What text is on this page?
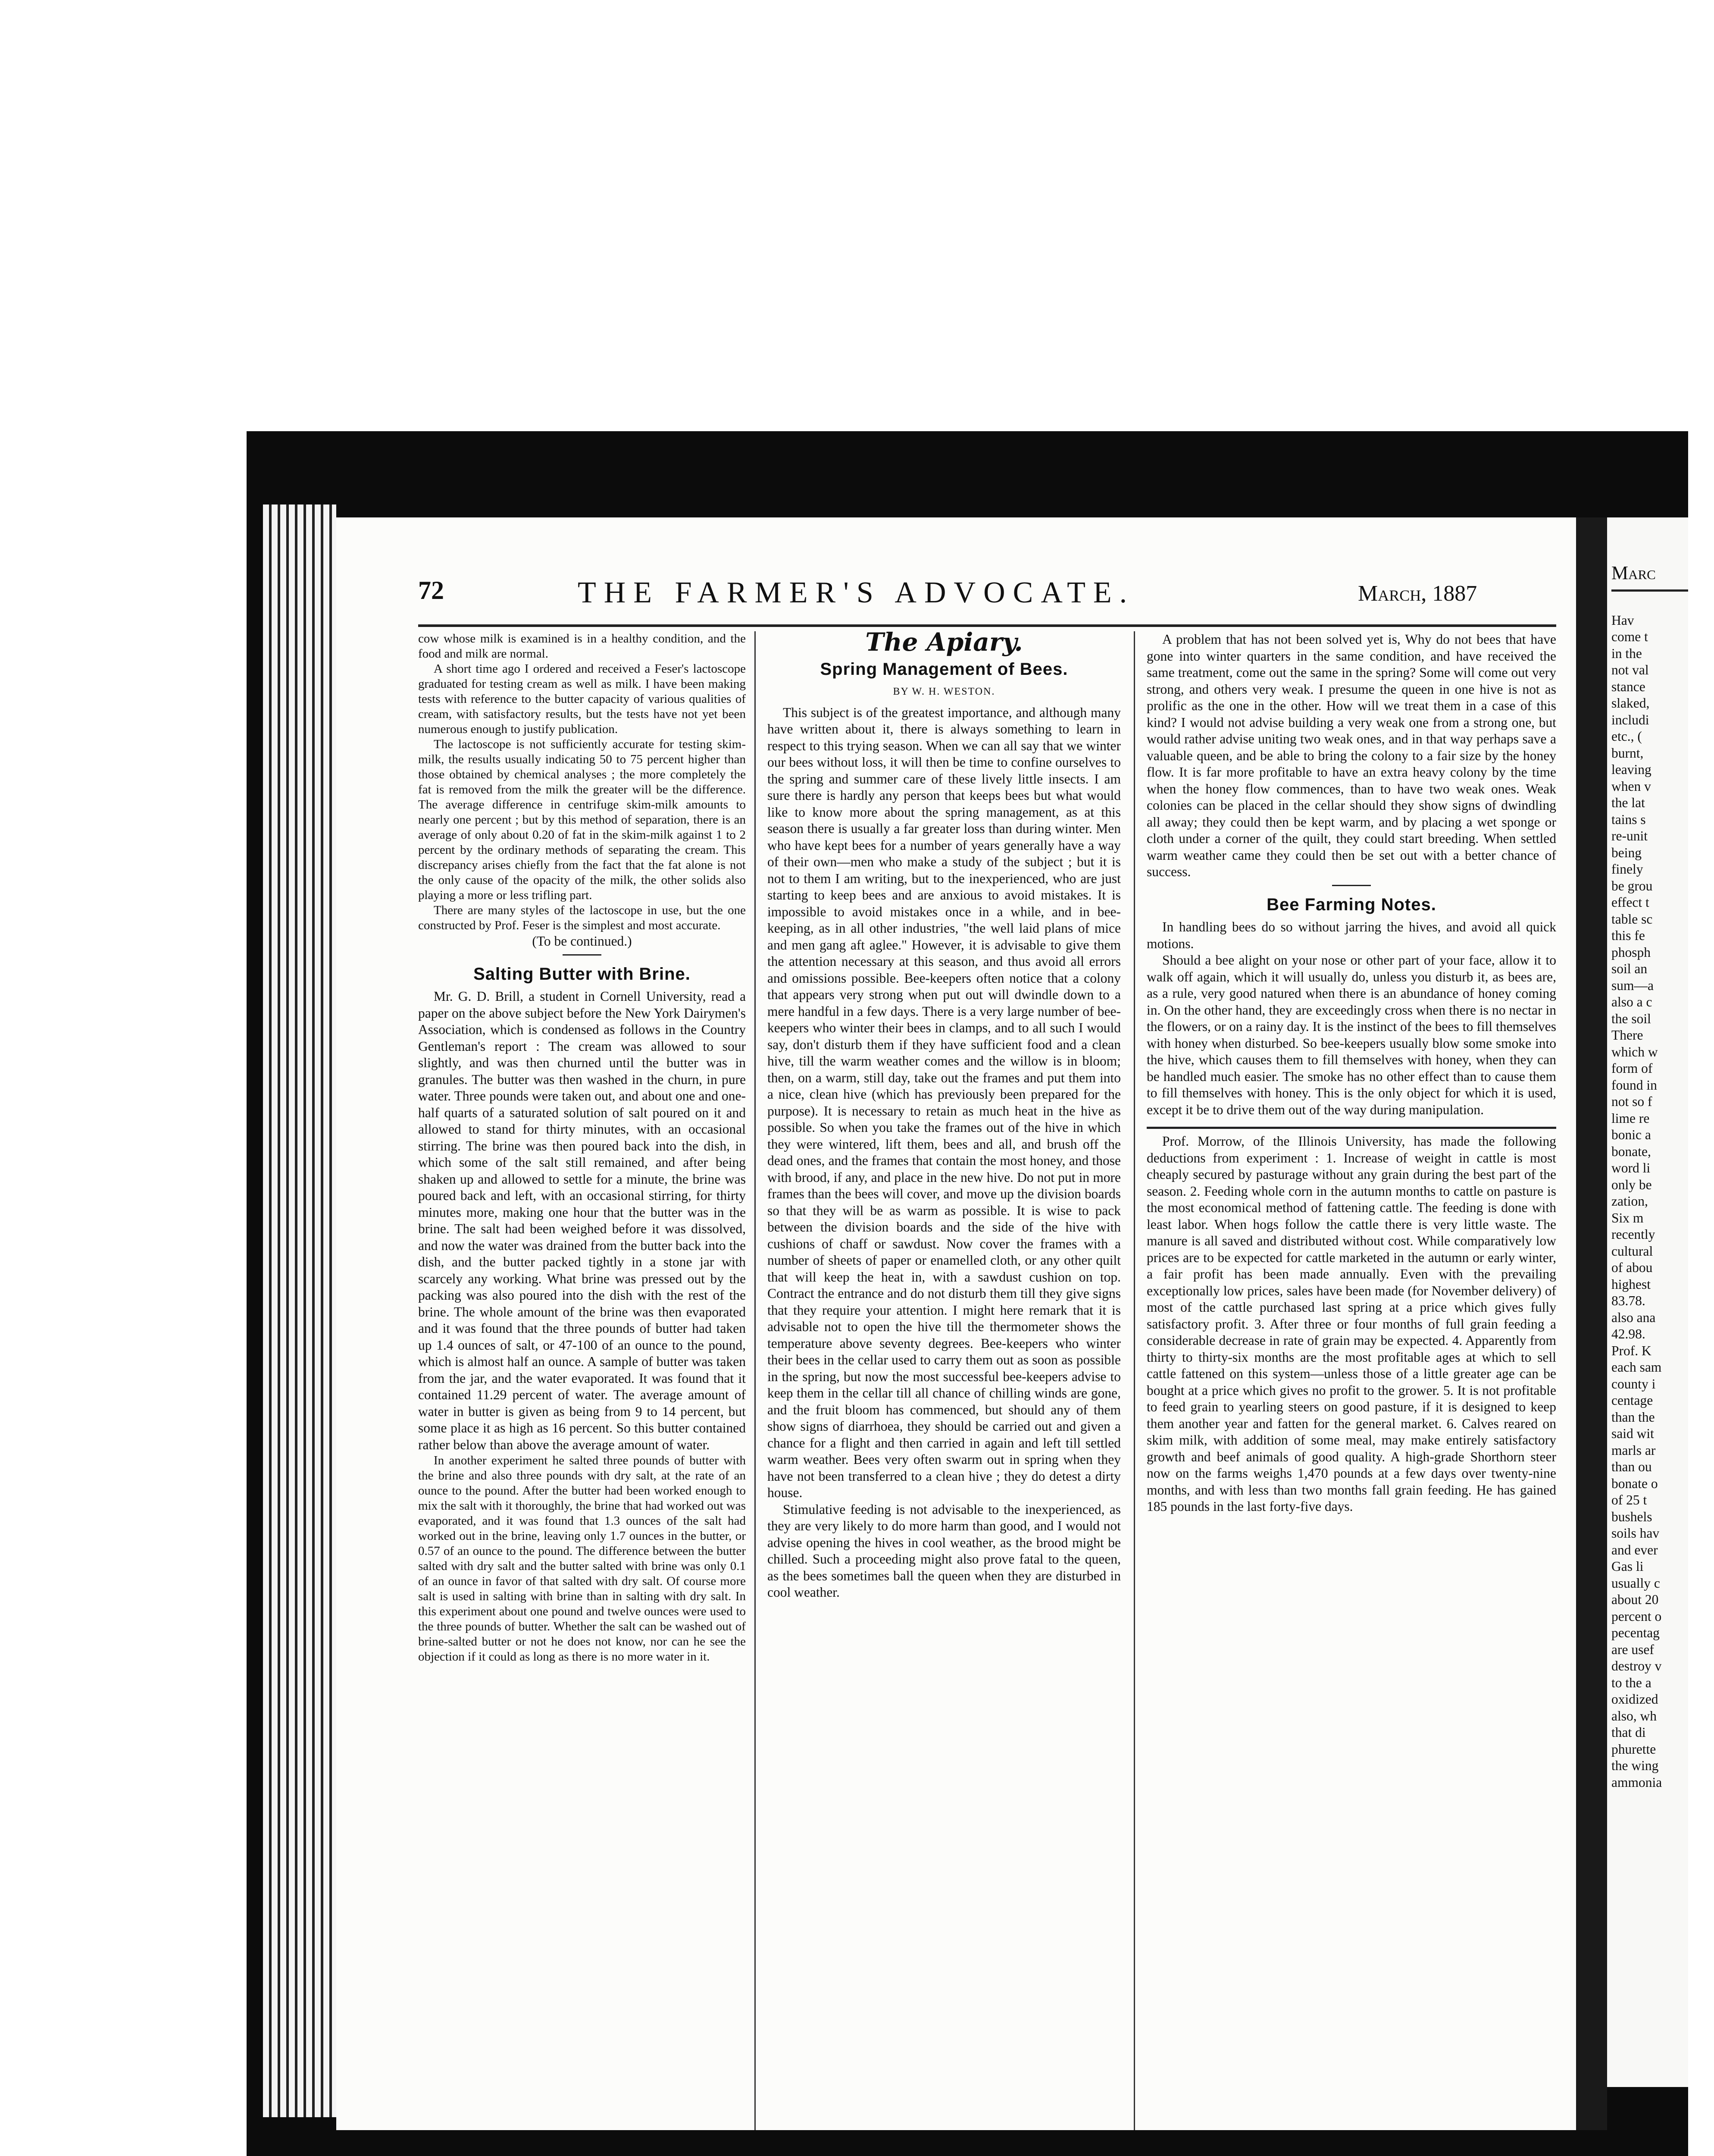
72	THE FARMER'S ADVOCATE.	March, 1887

cow whose milk is examined is in a healthy condition, and the food and milk are normal.

A short time ago I ordered and received a Feser's lactoscope graduated for testing cream as well as milk. I have been making tests with reference to the butter capacity of various qualities of cream, with satisfactory results, but the tests have not yet been numerous enough to justify publication.

The lactoscope is not sufficiently accurate for testing skim-milk, the results usually indicating 50 to 75 percent higher than those obtained by chemical analyses ; the more completely the fat is removed from the milk the greater will be the difference. The average difference in centrifuge skim-milk amounts to nearly one percent ; but by this method of separation, there is an average of only about 0.20 of fat in the skim-milk against 1 to 2 percent by the ordinary methods of separating the cream. This discrepancy arises chiefly from the fact that the fat alone is not the only cause of the opacity of the milk, the other solids also playing a more or less trifling part.

There are many styles of the lactoscope in use, but the one constructed by Prof. Feser is the simplest and most accurate.

(To be continued.)

Salting Butter with Brine.

Mr. G. D. Brill, a student in Cornell University, read a paper on the above subject before the New York Dairymen's Association, which is condensed as follows in the Country Gentleman's report : The cream was allowed to sour slightly, and was then churned until the butter was in granules. The butter was then washed in the churn, in pure water. Three pounds were taken out, and about one and one-half quarts of a saturated solution of salt poured on it and allowed to stand for thirty minutes, with an occasional stirring. The brine was then poured back into the dish, in which some of the salt still remained, and after being shaken up and allowed to settle for a minute, the brine was poured back and left, with an occasional stirring, for thirty minutes more, making one hour that the butter was in the brine. The salt had been weighed before it was dissolved, and now the water was drained from the butter back into the dish, and the butter packed tightly in a stone jar with scarcely any working. What brine was pressed out by the packing was also poured into the dish with the rest of the brine. The whole amount of the brine was then evaporated and it was found that the three pounds of butter had taken up 1.4 ounces of salt, or 47-100 of an ounce to the pound, which is almost half an ounce. A sample of butter was taken from the jar, and the water evaporated. It was found that it contained 11.29 percent of water. The average amount of water in butter is given as being from 9 to 14 percent, but some place it as high as 16 percent. So this butter contained rather below than above the average amount of water.

In another experiment he salted three pounds of butter with the brine and also three pounds with dry salt, at the rate of an ounce to the pound. After the butter had been worked enough to mix the salt with it thoroughly, the brine that had worked out was evaporated, and it was found that 1.3 ounces of the salt had worked out in the brine, leaving only 1.7 ounces in the butter, or 0.57 of an ounce to the pound. The difference between the butter salted with dry salt and the butter salted with brine was only 0.1 of an ounce in favor of that salted with dry salt. Of course more salt is used in salting with brine than in salting with dry salt. In this experiment about one pound and twelve ounces were used to the three pounds of butter. Whether the salt can be washed out of brine-salted butter or not he does not know, nor can he see the objection if it could as long as there is no more water in it.

The Apiary.
Spring Management of Bees.
BY W. H. WESTON.

This subject is of the greatest importance, and although many have written about it, there is always something to learn in respect to this trying season. When we can all say that we winter our bees without loss, it will then be time to confine ourselves to the spring and summer care of these lively little insects. I am sure there is hardly any person that keeps bees but what would like to know more about the spring management, as at this season there is usually a far greater loss than during winter. Men who have kept bees for a number of years generally have a way of their own—men who make a study of the subject ; but it is not to them I am writing, but to the inexperienced, who are just starting to keep bees and are anxious to avoid mistakes. It is impossible to avoid mistakes once in a while, and in bee-keeping, as in all other industries, "the well laid plans of mice and men gang aft aglee." However, it is advisable to give them the attention necessary at this season, and thus avoid all errors and omissions possible. Bee-keepers often notice that a colony that appears very strong when put out will dwindle down to a mere handful in a few days. There is a very large number of bee-keepers who winter their bees in clamps, and to all such I would say, don't disturb them if they have sufficient food and a clean hive, till the warm weather comes and the willow is in bloom; then, on a warm, still day, take out the frames and put them into a nice, clean hive (which has previously been prepared for the purpose). It is necessary to retain as much heat in the hive as possible. So when you take the frames out of the hive in which they were wintered, lift them, bees and all, and brush off the dead ones, and the frames that contain the most honey, and those with brood, if any, and place in the new hive. Do not put in more frames than the bees will cover, and move up the division boards so that they will be as warm as possible. It is wise to pack between the division boards and the side of the hive with cushions of chaff or sawdust. Now cover the frames with a number of sheets of paper or enamelled cloth, or any other quilt that will keep the heat in, with a sawdust cushion on top. Contract the entrance and do not disturb them till they give signs that they require your attention. I might here remark that it is advisable not to open the hive till the thermometer shows the temperature above seventy degrees. Bee-keepers who winter their bees in the cellar used to carry them out as soon as possible in the spring, but now the most successful bee-keepers advise to keep them in the cellar till all chance of chilling winds are gone, and the fruit bloom has commenced, but should any of them show signs of diarrhoea, they should be carried out and given a chance for a flight and then carried in again and left till settled warm weather. Bees very often swarm out in spring when they have not been transferred to a clean hive ; they do detest a dirty house.

Stimulative feeding is not advisable to the inexperienced, as they are very likely to do more harm than good, and I would not advise opening the hives in cool weather, as the brood might be chilled. Such a proceeding might also prove fatal to the queen, as the bees sometimes ball the queen when they are disturbed in cool weather.

A problem that has not been solved yet is, Why do not bees that have gone into winter quarters in the same condition, and have received the same treatment, come out the same in the spring? Some will come out very strong, and others very weak. I presume the queen in one hive is not as prolific as the one in the other. How will we treat them in a case of this kind? I would not advise building a very weak one from a strong one, but would rather advise uniting two weak ones, and in that way perhaps save a valuable queen, and be able to bring the colony to a fair size by the honey flow. It is far more profitable to have an extra heavy colony by the time when the honey flow commences, than to have two weak ones. Weak colonies can be placed in the cellar should they show signs of dwindling all away; they could then be kept warm, and by placing a wet sponge or cloth under a corner of the quilt, they could start breeding. When settled warm weather came they could then be set out with a better chance of success.

Bee Farming Notes.

In handling bees do so without jarring the hives, and avoid all quick motions.

Should a bee alight on your nose or other part of your face, allow it to walk off again, which it will usually do, unless you disturb it, as bees are, as a rule, very good natured when there is an abundance of honey coming in. On the other hand, they are exceedingly cross when there is no nectar in the flowers, or on a rainy day. It is the instinct of the bees to fill themselves with honey when disturbed. So bee-keepers usually blow some smoke into the hive, which causes them to fill themselves with honey, when they can be handled much easier. The smoke has no other effect than to cause them to fill themselves with honey. This is the only object for which it is used, except it be to drive them out of the way during manipulation.

Prof. Morrow, of the Illinois University, has made the following deductions from experiment : 1. Increase of weight in cattle is most cheaply secured by pasturage without any grain during the best part of the season. 2. Feeding whole corn in the autumn months to cattle on pasture is the most economical method of fattening cattle. The feeding is done with least labor. When hogs follow the cattle there is very little waste. The manure is all saved and distributed without cost. While comparatively low prices are to be expected for cattle marketed in the autumn or early winter, a fair profit has been made annually. Even with the prevailing exceptionally low prices, sales have been made (for November delivery) of most of the cattle purchased last spring at a price which gives fully satisfactory profit. 3. After three or four months of full grain feeding a considerable decrease in rate of grain may be expected. 4. Apparently from thirty to thirty-six months are the most profitable ages at which to sell cattle fattened on this system—unless those of a little greater age can be bought at a price which gives no profit to the grower. 5. It is not profitable to feed grain to yearling steers on good pasture, if it is designed to keep them another year and fatten for the general market. 6. Calves reared on skim milk, with addition of some meal, may make entirely satisfactory growth and beef animals of good quality. A high-grade Shorthorn steer now on the farms weighs 1,470 pounds at a few days over twenty-nine months, and with less than two months fall grain feeding. He has gained 185 pounds in the last forty-five days.

Marc
Hav
come t
in the
not val
stance
slaked,
includi
etc., (
burnt,
leaving
when v
the lat
tains s
re-unit
being
finely
be grou
effect t
table sc
this fe
phosph
soil an
sum—a
also a c
the soil
There
which w
form of
found in
not so f
lime re
bonic a
bonate,
word li
only be
zation,
Six m
recently
cultural
of abou
highest
83.78.
also ana
42.98.
Prof. K
each sam
county i
centage
than the
said wit
marls ar
than ou
bonate o
of 25 t
bushels
soils hav
and ever
Gas li
usually c
about 20
percent o
pecentag
are usef
destroy v
to the a
oxidized
also, wh
that di
phurette
the wing
ammonia
